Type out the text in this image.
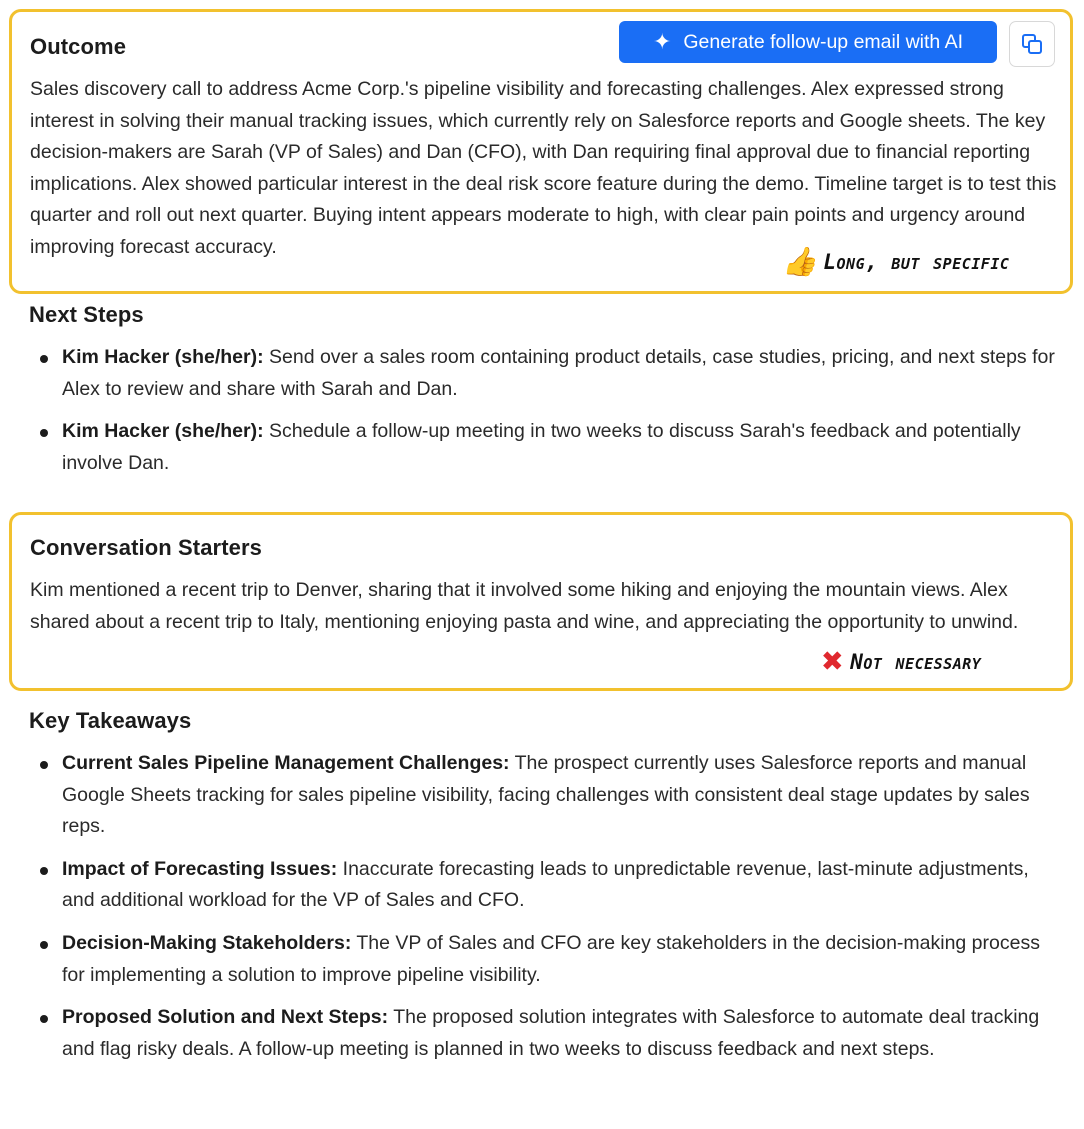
Outcome	✦ Generate follow-up email with AI
Sales discovery call to address Acme Corp.'s pipeline visibility and forecasting challenges. Alex expressed strong interest in solving their manual tracking issues, which currently rely on Salesforce reports and Google sheets. The key decision-makers are Sarah (VP of Sales) and Dan (CFO), with Dan requiring final approval due to financial reporting implications. Alex showed particular interest in the deal risk score feature during the demo. Timeline target is to test this quarter and roll out next quarter. Buying intent appears moderate to high, with clear pain points and urgency around improving forecast accuracy.	👍 Long, but specific
Next Steps
Kim Hacker (she/her): Send over a sales room containing product details, case studies, pricing, and next steps for Alex to review and share with Sarah and Dan.
Kim Hacker (she/her): Schedule a follow-up meeting in two weeks to discuss Sarah's feedback and potentially involve Dan.
Conversation Starters
Kim mentioned a recent trip to Denver, sharing that it involved some hiking and enjoying the mountain views. Alex shared about a recent trip to Italy, mentioning enjoying pasta and wine, and appreciating the opportunity to unwind.
✖ Not necessary
Key Takeaways
Current Sales Pipeline Management Challenges: The prospect currently uses Salesforce reports and manual Google Sheets tracking for sales pipeline visibility, facing challenges with consistent deal stage updates by sales reps.
Impact of Forecasting Issues: Inaccurate forecasting leads to unpredictable revenue, last-minute adjustments, and additional workload for the VP of Sales and CFO.
Decision-Making Stakeholders: The VP of Sales and CFO are key stakeholders in the decision-making process for implementing a solution to improve pipeline visibility.
Proposed Solution and Next Steps: The proposed solution integrates with Salesforce to automate deal tracking and flag risky deals. A follow-up meeting is planned in two weeks to discuss feedback and next steps.
